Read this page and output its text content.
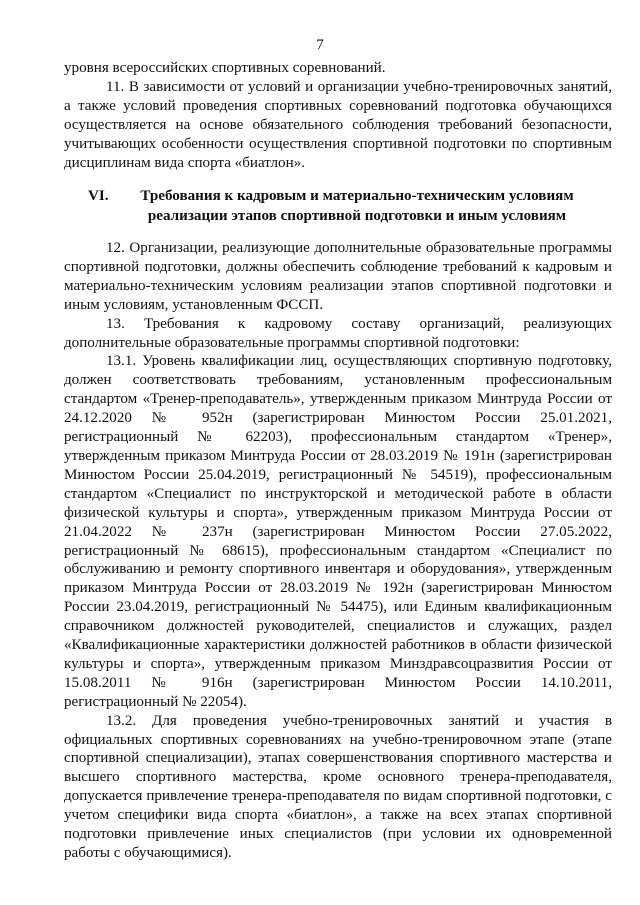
7
уровня всероссийских спортивных соревнований.
11. В зависимости от условий и организации учебно-тренировочных занятий, а также условий проведения спортивных соревнований подготовка обучающихся осуществляется на основе обязательного соблюдения требований безопасности, учитывающих особенности осуществления спортивной подготовки по спортивным дисциплинам вида спорта «биатлон».
VI.	Требования к кадровым и материально-техническим условиям реализации этапов спортивной подготовки и иным условиям
12. Организации, реализующие дополнительные образовательные программы спортивной подготовки, должны обеспечить соблюдение требований к кадровым и материально-техническим условиям реализации этапов спортивной подготовки и иным условиям, установленным ФССП.
13. Требования к кадровому составу организаций, реализующих дополнительные образовательные программы спортивной подготовки:
13.1. Уровень квалификации лиц, осуществляющих спортивную подготовку, должен соответствовать требованиям, установленным профессиональным стандартом «Тренер-преподаватель», утвержденным приказом Минтруда России от 24.12.2020 № 952н (зарегистрирован Минюстом России 25.01.2021, регистрационный № 62203), профессиональным стандартом «Тренер», утвержденным приказом Минтруда России от 28.03.2019 № 191н (зарегистрирован Минюстом России 25.04.2019, регистрационный № 54519), профессиональным стандартом «Специалист по инструкторской и методической работе в области физической культуры и спорта», утвержденным приказом Минтруда России от 21.04.2022 № 237н (зарегистрирован Минюстом России 27.05.2022, регистрационный № 68615), профессиональным стандартом «Специалист по обслуживанию и ремонту спортивного инвентаря и оборудования», утвержденным приказом Минтруда России от 28.03.2019 № 192н (зарегистрирован Минюстом России 23.04.2019, регистрационный № 54475), или Единым квалификационным справочником должностей руководителей, специалистов и служащих, раздел «Квалификационные характеристики должностей работников в области физической культуры и спорта», утвержденным приказом Минздравсоцразвития России от 15.08.2011 № 916н (зарегистрирован Минюстом России 14.10.2011, регистрационный № 22054).
13.2. Для проведения учебно-тренировочных занятий и участия в официальных спортивных соревнованиях на учебно-тренировочном этапе (этапе спортивной специализации), этапах совершенствования спортивного мастерства и высшего спортивного мастерства, кроме основного тренера-преподавателя, допускается привлечение тренера-преподавателя по видам спортивной подготовки, с учетом специфики вида спорта «биатлон», а также на всех этапах спортивной подготовки привлечение иных специалистов (при условии их одновременной работы с обучающимися).
